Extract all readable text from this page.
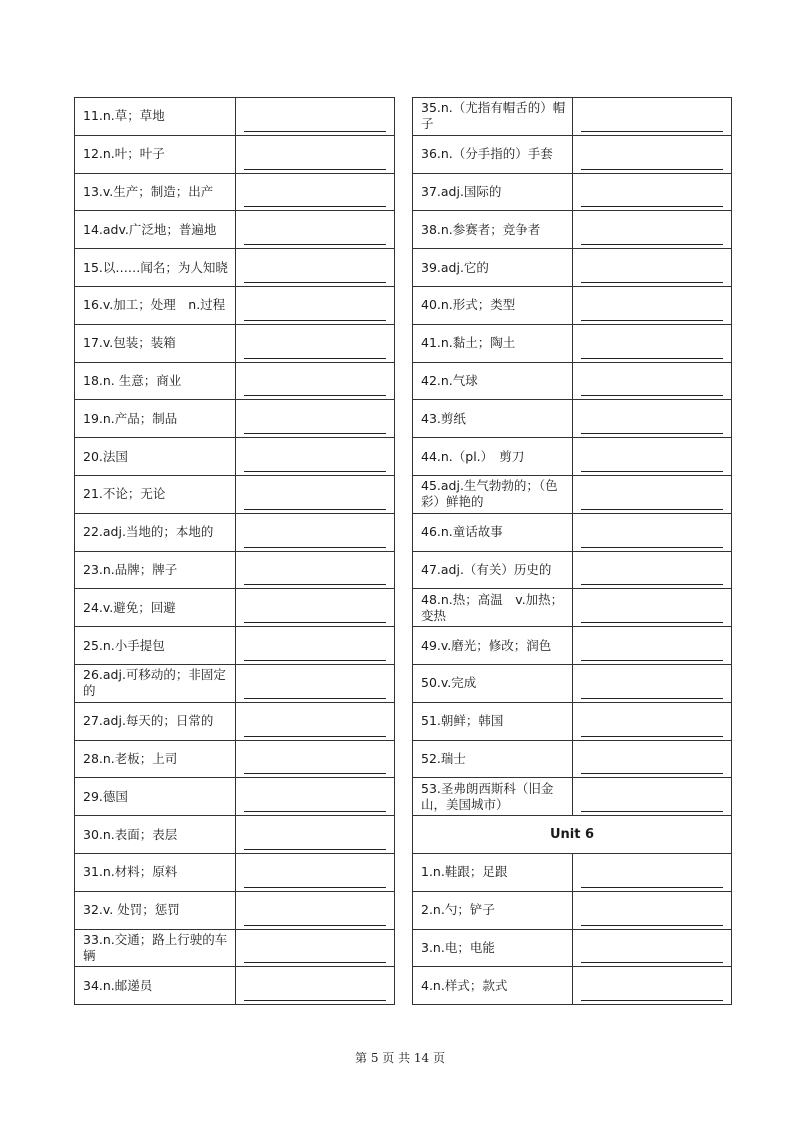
11.n.草；草地	

12.n.叶；叶子	

13.v.生产；制造；出产	

14.adv.广泛地；普遍地	

15.以……闻名；为人知晓	

16.v.加工；处理　n.过程	

17.v.包装；装箱	

18.n. 生意；商业	

19.n.产品；制品	

20.法国	

21.不论；无论	

22.adj.当地的；本地的	

23.n.品牌；牌子	

24.v.避免；回避	

25.n.小手提包	

26.adj.可移动的；非固定的	

27.adj.每天的；日常的	

28.n.老板；上司	

29.德国	

30.n.表面；表层	

31.n.材料；原料	

32.v. 处罚；惩罚	

33.n.交通；路上行驶的车辆	

34.n.邮递员	
35.n.（尤指有帽舌的）帽子	

36.n.（分手指的）手套	

37.adj.国际的	

38.n.参赛者；竞争者	

39.adj.它的	

40.n.形式；类型	

41.n.黏土；陶土	

42.n.气球	

43.剪纸	

44.n.（pl.）　剪刀	

45.adj.生气勃勃的；（色彩）鲜艳的	

46.n.童话故事	

47.adj.（有关）历史的	

48.n.热；高温　v.加热；变热	

49.v.磨光；修改；润色	

50.v.完成	

51.朝鲜；韩国	

52.瑞士	

53.圣弗朗西斯科（旧金山，美国城市）	

Unit 6	
1.n.鞋跟；足跟	

2.n.勺；铲子	

3.n.电；电能	

4.n.样式；款式	
第 5 页 共 14 页
